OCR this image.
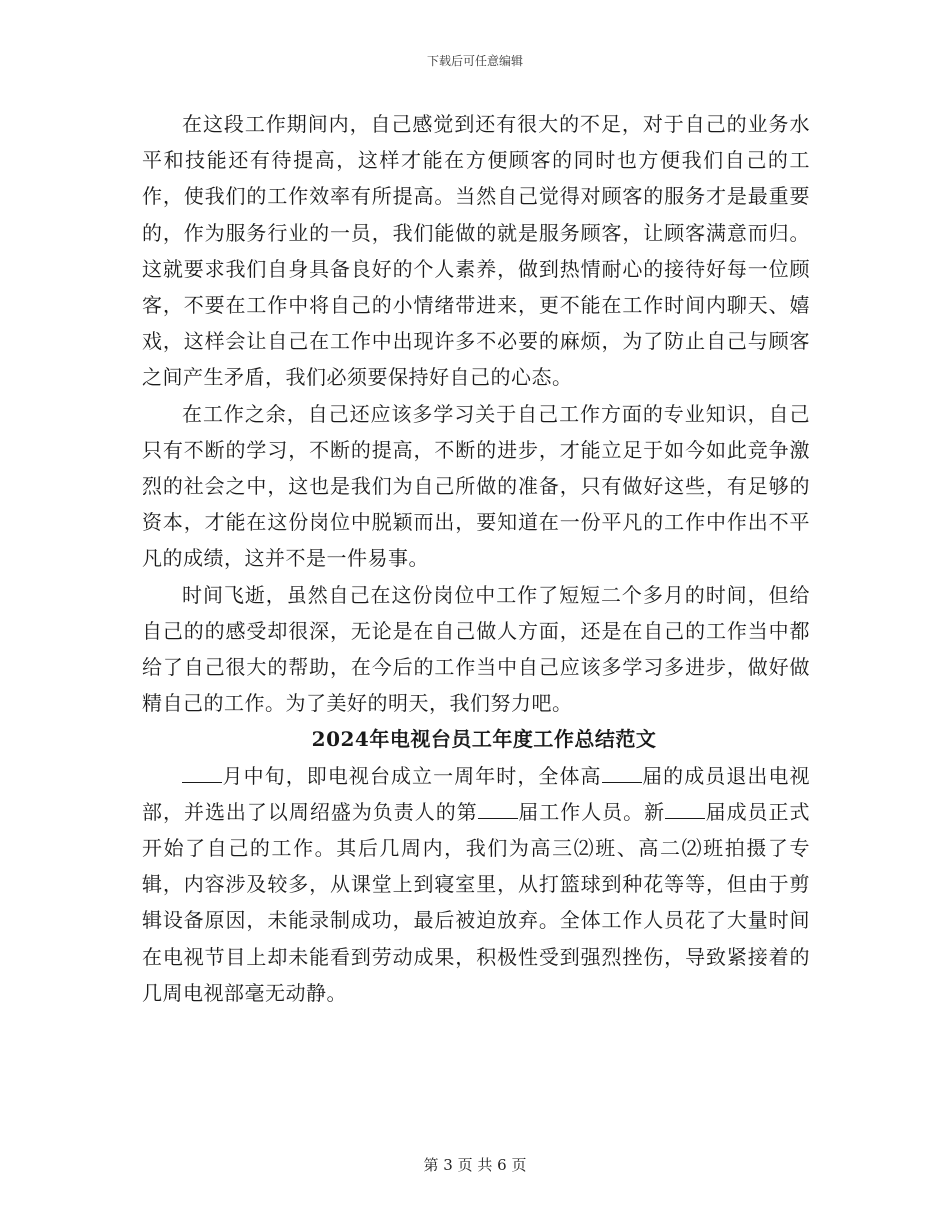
下载后可任意编辑

在这段工作期间内，自己感觉到还有很大的不足，对于自己的业务水平和技能还有待提高，这样才能在方便顾客的同时也方便我们自己的工作，使我们的工作效率有所提高。当然自己觉得对顾客的服务才是最重要的，作为服务行业的一员，我们能做的就是服务顾客，让顾客满意而归。这就要求我们自身具备良好的个人素养，做到热情耐心的接待好每一位顾客，不要在工作中将自己的小情绪带进来，更不能在工作时间内聊天、嬉戏，这样会让自己在工作中出现许多不必要的麻烦，为了防止自己与顾客之间产生矛盾，我们必须要保持好自己的心态。

在工作之余，自己还应该多学习关于自己工作方面的专业知识，自己只有不断的学习，不断的提高，不断的进步，才能立足于如今如此竞争激烈的社会之中，这也是我们为自己所做的准备，只有做好这些，有足够的资本，才能在这份岗位中脱颖而出，要知道在一份平凡的工作中作出不平凡的成绩，这并不是一件易事。

时间飞逝，虽然自己在这份岗位中工作了短短二个多月的时间，但给自己的的感受却很深，无论是在自己做人方面，还是在自己的工作当中都给了自己很大的帮助，在今后的工作当中自己应该多学习多进步，做好做精自己的工作。为了美好的明天，我们努力吧。

2024年电视台员工年度工作总结范文

月中旬，即电视台成立一周年时，全体高 届的成员退出电视部，并选出了以周绍盛为负责人的第 届工作人员。新 届成员正式开始了自己的工作。其后几周内，我们为高三⑵班、高二⑵班拍摄了专辑，内容涉及较多，从课堂上到寝室里，从打篮球到种花等等，但由于剪辑设备原因，未能录制成功，最后被迫放弃。全体工作人员花了大量时间在电视节目上却未能看到劳动成果，积极性受到强烈挫伤，导致紧接着的几周电视部毫无动静。

第 3 页 共 6 页
